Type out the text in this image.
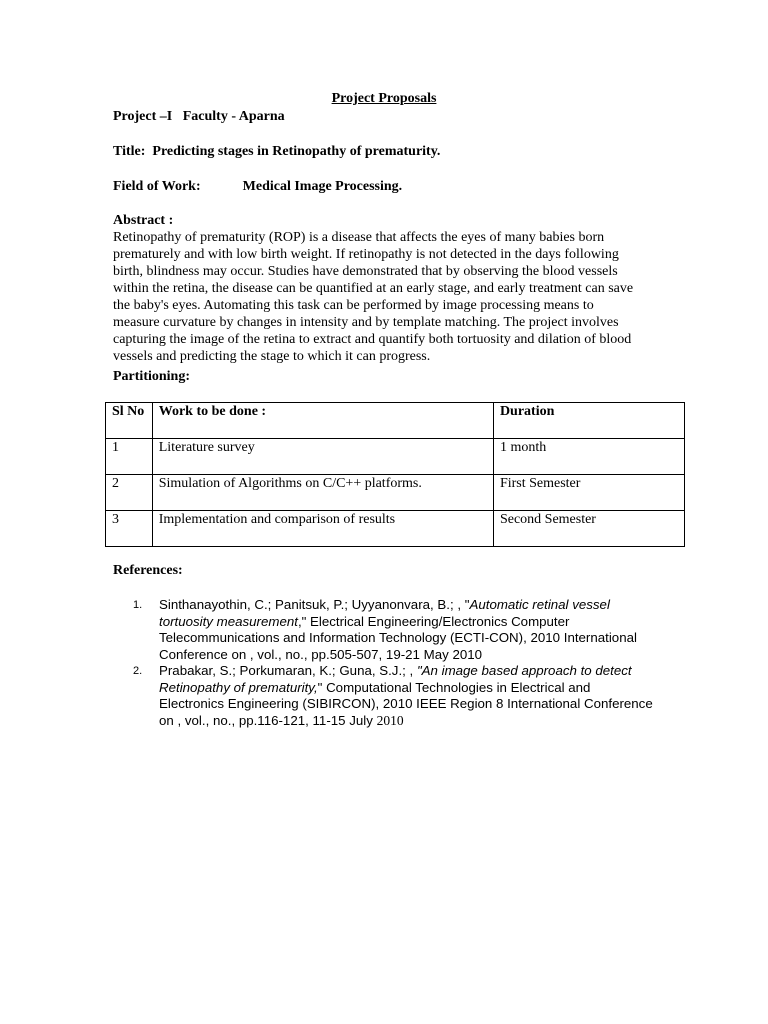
Project Proposals
Project –I   Faculty - Aparna
Title: Predicting stages in Retinopathy of prematurity.
Field of Work:	Medical Image Processing.
Abstract :
Retinopathy of prematurity (ROP) is a disease that affects the eyes of many babies born
prematurely and with low birth weight. If retinopathy is not detected in the days following
birth, blindness may occur. Studies have demonstrated that by observing the blood vessels
within the retina, the disease can be quantified at an early stage, and early treatment can save
the baby's eyes. Automating this task can be performed by image processing means to
measure curvature by changes in intensity and by template matching. The project involves
capturing the image of the retina to extract and quantify both tortuosity and dilation of blood
vessels and predicting the stage to which it can progress.
Partitioning:
Sl No	Work to be done :	Duration
1	Literature survey	1 month
2	Simulation of Algorithms on C/C++ platforms.	First Semester
3	Implementation and comparison of results	Second Semester
References:
1. Sinthanayothin, C.; Panitsuk, P.; Uyyanonvara, B.; , "Automatic retinal vessel
tortuosity measurement," Electrical Engineering/Electronics Computer
Telecommunications and Information Technology (ECTI-CON), 2010 International
Conference on , vol., no., pp.505-507, 19-21 May 2010
2. Prabakar, S.; Porkumaran, K.; Guna, S.J.; , "An image based approach to detect
Retinopathy of prematurity," Computational Technologies in Electrical and
Electronics Engineering (SIBIRCON), 2010 IEEE Region 8 International Conference
on , vol., no., pp.116-121, 11-15 July 2010
